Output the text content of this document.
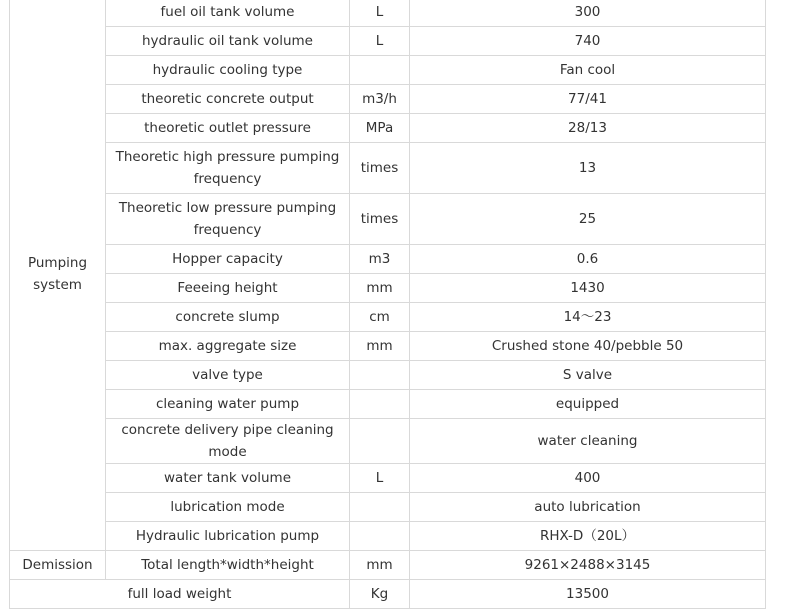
Pumping system	fuel oil tank volume	L	300
	hydraulic oil tank volume	L	740
	hydraulic cooling type		Fan cool
	theoretic concrete output	m3/h	77/41
	theoretic outlet pressure	MPa	28/13
	Theoretic high pressure pumping frequency	times	13
	Theoretic low pressure pumping frequency	times	25
	Hopper capacity	m3	0.6
	Feeeing height	mm	1430
	concrete slump	cm	14～23
	max. aggregate size	mm	Crushed stone 40/pebble 50
	valve type		S valve
	cleaning water pump		equipped
	concrete delivery pipe cleaning mode		water cleaning
	water tank volume	L	400
	lubrication mode		auto lubrication
	Hydraulic lubrication pump		RHX-D（20L）
Demission	Total length*width*height	mm	9261×2488×3145
full load weight		Kg	13500
